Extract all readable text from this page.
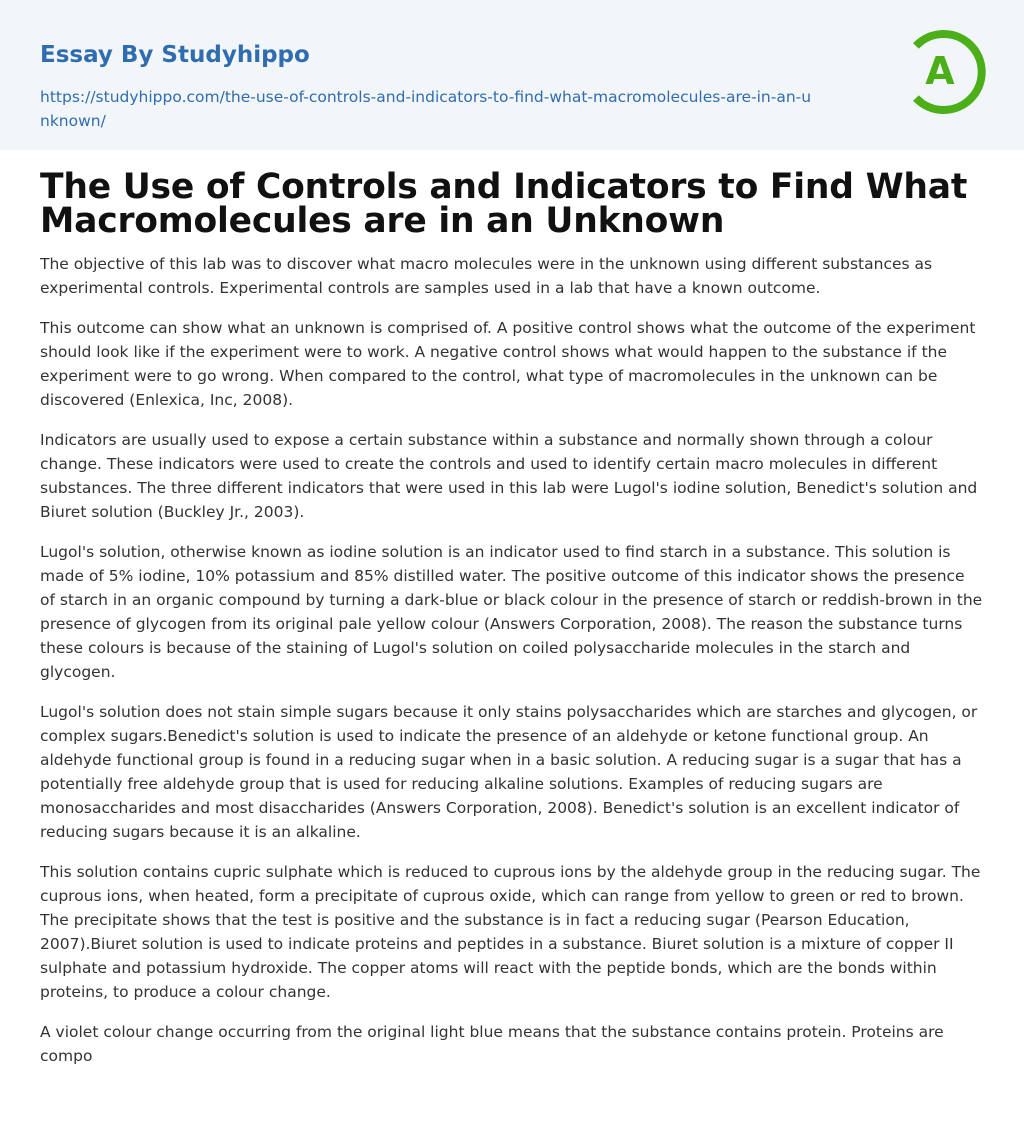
Essay By Studyhippo
https://studyhippo.com/the-use-of-controls-and-indicators-to-find-what-macromolecules-are-in-an-unknown/
A
The Use of Controls and Indicators to Find What Macromolecules are in an Unknown

The objective of this lab was to discover what macro molecules were in the unknown using different substances as experimental controls. Experimental controls are samples used in a lab that have a known outcome.

This outcome can show what an unknown is comprised of. A positive control shows what the outcome of the experiment should look like if the experiment were to work. A negative control shows what would happen to the substance if the experiment were to go wrong. When compared to the control, what type of macromolecules in the unknown can be discovered (Enlexica, Inc, 2008).

Indicators are usually used to expose a certain substance within a substance and normally shown through a colour change. These indicators were used to create the controls and used to identify certain macro molecules in different substances. The three different indicators that were used in this lab were Lugol's iodine solution, Benedict's solution and Biuret solution (Buckley Jr., 2003).

Lugol's solution, otherwise known as iodine solution is an indicator used to find starch in a substance. This solution is made of 5% iodine, 10% potassium and 85% distilled water. The positive outcome of this indicator shows the presence of starch in an organic compound by turning a dark-blue or black colour in the presence of starch or reddish-brown in the presence of glycogen from its original pale yellow colour (Answers Corporation, 2008). The reason the substance turns these colours is because of the staining of Lugol's solution on coiled polysaccharide molecules in the starch and glycogen.

Lugol's solution does not stain simple sugars because it only stains polysaccharides which are starches and glycogen, or complex sugars.Benedict's solution is used to indicate the presence of an aldehyde or ketone functional group. An aldehyde functional group is found in a reducing sugar when in a basic solution. A reducing sugar is a sugar that has a potentially free aldehyde group that is used for reducing alkaline solutions. Examples of reducing sugars are monosaccharides and most disaccharides (Answers Corporation, 2008). Benedict's solution is an excellent indicator of reducing sugars because it is an alkaline.

This solution contains cupric sulphate which is reduced to cuprous ions by the aldehyde group in the reducing sugar. The cuprous ions, when heated, form a precipitate of cuprous oxide, which can range from yellow to green or red to brown. The precipitate shows that the test is positive and the substance is in fact a reducing sugar (Pearson Education, 2007).Biuret solution is used to indicate proteins and peptides in a substance. Biuret solution is a mixture of copper II sulphate and potassium hydroxide. The copper atoms will react with the peptide bonds, which are the bonds within proteins, to produce a colour change.

A violet colour change occurring from the original light blue means that the substance contains protein. Proteins are compo
